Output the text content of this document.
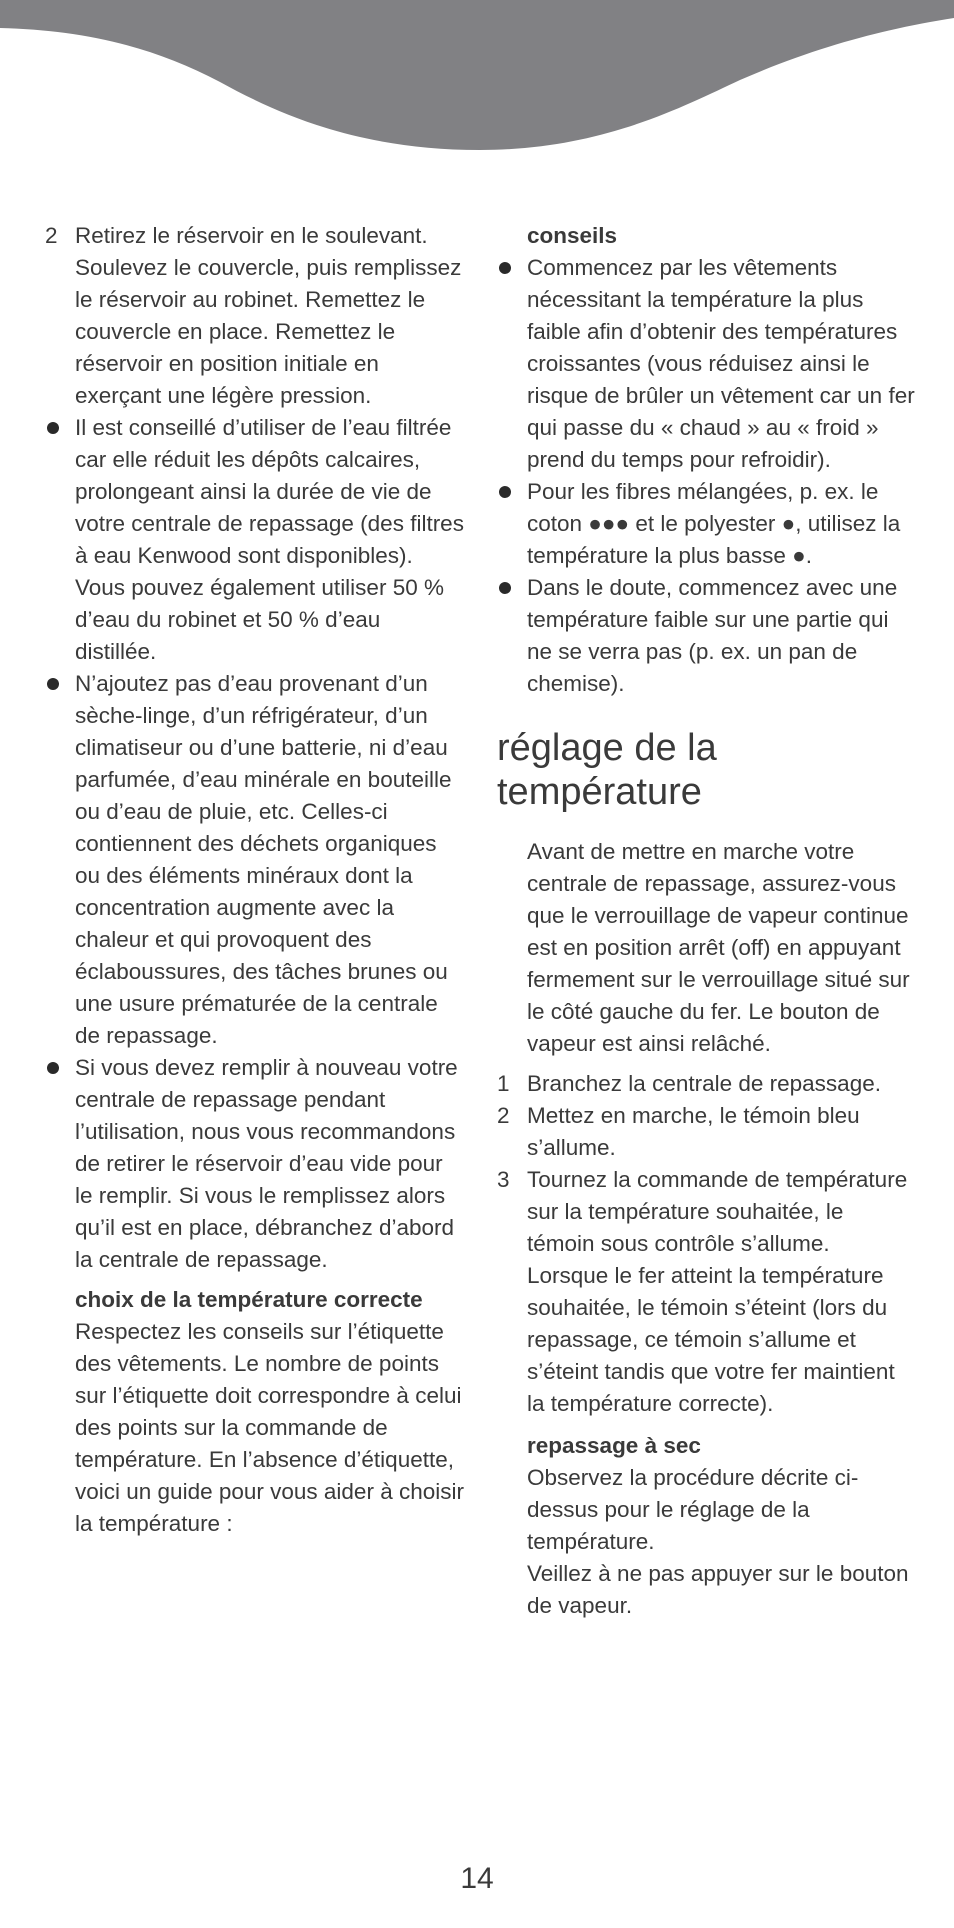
2 Retirez le réservoir en le soulevant. Soulevez le couvercle, puis remplissez le réservoir au robinet. Remettez le couvercle en place. Remettez le réservoir en position initiale en exerçant une légère pression.

Il est conseillé d’utiliser de l’eau filtrée car elle réduit les dépôts calcaires, prolongeant ainsi la durée de vie de votre centrale de repassage (des filtres à eau Kenwood sont disponibles). Vous pouvez également utiliser 50 % d’eau du robinet et 50 % d’eau distillée.

N’ajoutez pas d’eau provenant d’un sèche-linge, d’un réfrigérateur, d’un climatiseur ou d’une batterie, ni d’eau parfumée, d’eau minérale en bouteille ou d’eau de pluie, etc. Celles-ci contiennent des déchets organiques ou des éléments minéraux dont la concentration augmente avec la chaleur et qui provoquent des éclaboussures, des tâches brunes ou une usure prématurée de la centrale de repassage.

Si vous devez remplir à nouveau votre centrale de repassage pendant l’utilisation, nous vous recommandons de retirer le réservoir d’eau vide pour le remplir. Si vous le remplissez alors qu’il est en place, débranchez d’abord la centrale de repassage.

choix de la température correcte

Respectez les conseils sur l’étiquette des vêtements. Le nombre de points sur l’étiquette doit correspondre à celui des points sur la commande de température. En l’absence d’étiquette, voici un guide pour vous aider à choisir la température :

conseils

Commencez par les vêtements nécessitant la température la plus faible afin d’obtenir des températures croissantes (vous réduisez ainsi le risque de brûler un vêtement car un fer qui passe du « chaud » au « froid » prend du temps pour refroidir).

Pour les fibres mélangées, p. ex. le coton ●●● et le polyester ●, utilisez la température la plus basse ●.

Dans le doute, commencez avec une température faible sur une partie qui ne se verra pas (p. ex. un pan de chemise).

réglage de la température

Avant de mettre en marche votre centrale de repassage, assurez-vous que le verrouillage de vapeur continue est en position arrêt (off) en appuyant fermement sur le verrouillage situé sur le côté gauche du fer. Le bouton de vapeur est ainsi relâché.

1 Branchez la centrale de repassage.

2 Mettez en marche, le témoin bleu s’allume.

3 Tournez la commande de température sur la température souhaitée, le témoin sous contrôle s’allume. Lorsque le fer atteint la température souhaitée, le témoin s’éteint (lors du repassage, ce témoin s’allume et s’éteint tandis que votre fer maintient la température correcte).

repassage à sec

Observez la procédure décrite ci-dessus pour le réglage de la température.

Veillez à ne pas appuyer sur le bouton de vapeur.

14
